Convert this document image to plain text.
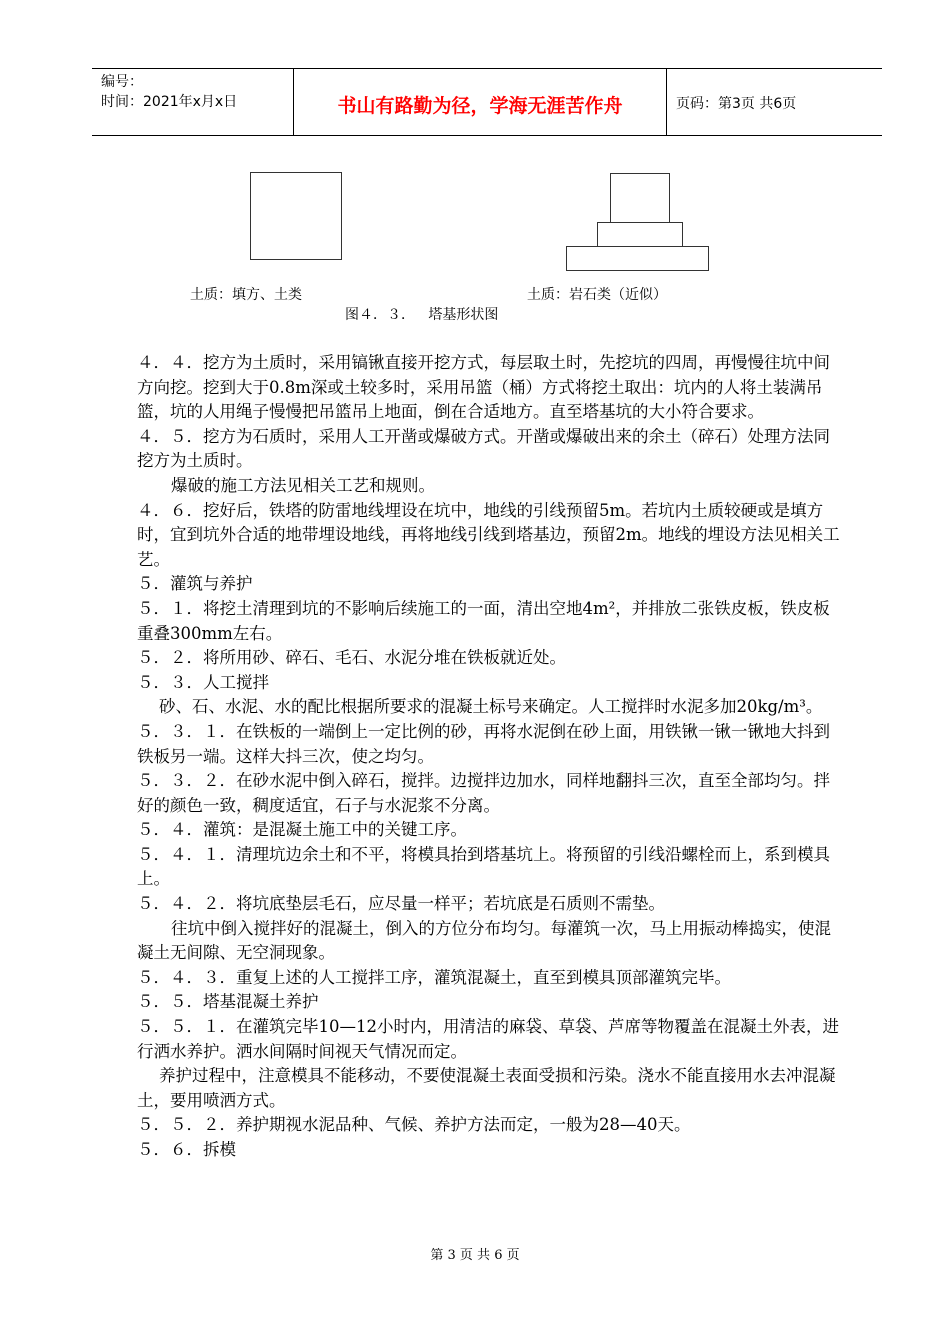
编号：
时间：2021年x月x日	书山有路勤为径，学海无涯苦作舟	页码：第3页 共6页
土质：填方、土类	土质：岩石类（近似）
图４．３．   塔基形状图

４．４．挖方为土质时，采用镐锹直接开挖方式，每层取土时，先挖坑的四周，再慢慢往坑中间方向挖。挖到大于0.8m深或土较多时，采用吊篮（桶）方式将挖土取出：坑内的人将土装满吊篮，坑的人用绳子慢慢把吊篮吊上地面，倒在合适地方。直至塔基坑的大小符合要求。

４．５．挖方为石质时，采用人工开凿或爆破方式。开凿或爆破出来的余土（碎石）处理方法同挖方为土质时。

爆破的施工方法见相关工艺和规则。

４．６．挖好后，铁塔的防雷地线埋设在坑中，地线的引线预留5m。若坑内土质较硬或是填方时，宜到坑外合适的地带埋设地线，再将地线引线到塔基边，预留2m。地线的埋设方法见相关工艺。

５．灌筑与养护

５．１．将挖土清理到坑的不影响后续施工的一面，清出空地4m²，并排放二张铁皮板，铁皮板重叠300mm左右。

５．２．将所用砂、碎石、毛石、水泥分堆在铁板就近处。

５．３．人工搅拌

砂、石、水泥、水的配比根据所要求的混凝土标号来确定。人工搅拌时水泥多加20kg/m³。

５．３．１．在铁板的一端倒上一定比例的砂，再将水泥倒在砂上面，用铁锹一锹一锹地大抖到铁板另一端。这样大抖三次，使之均匀。

５．３．２．在砂水泥中倒入碎石，搅拌。边搅拌边加水，同样地翻抖三次，直至全部均匀。拌好的颜色一致，稠度适宜，石子与水泥浆不分离。

５．４．灌筑：是混凝土施工中的关键工序。

５．４．１．清理坑边余土和不平，将模具抬到塔基坑上。将预留的引线沿螺栓而上，系到模具上。

５．４．２．将坑底垫层毛石，应尽量一样平；若坑底是石质则不需垫。

往坑中倒入搅拌好的混凝土，倒入的方位分布均匀。每灌筑一次，马上用振动棒捣实，使混凝土无间隙、无空洞现象。

５．４．３．重复上述的人工搅拌工序，灌筑混凝土，直至到模具顶部灌筑完毕。

５．５．塔基混凝土养护

５．５．１．在灌筑完毕10—12小时内，用清洁的麻袋、草袋、芦席等物覆盖在混凝土外表，进行洒水养护。洒水间隔时间视天气情况而定。

养护过程中，注意模具不能移动，不要使混凝土表面受损和污染。浇水不能直接用水去冲混凝土，要用喷洒方式。

５．５．２．养护期视水泥品种、气候、养护方法而定，一般为28—40天。

５．６．拆模

第 3 页 共 6 页
